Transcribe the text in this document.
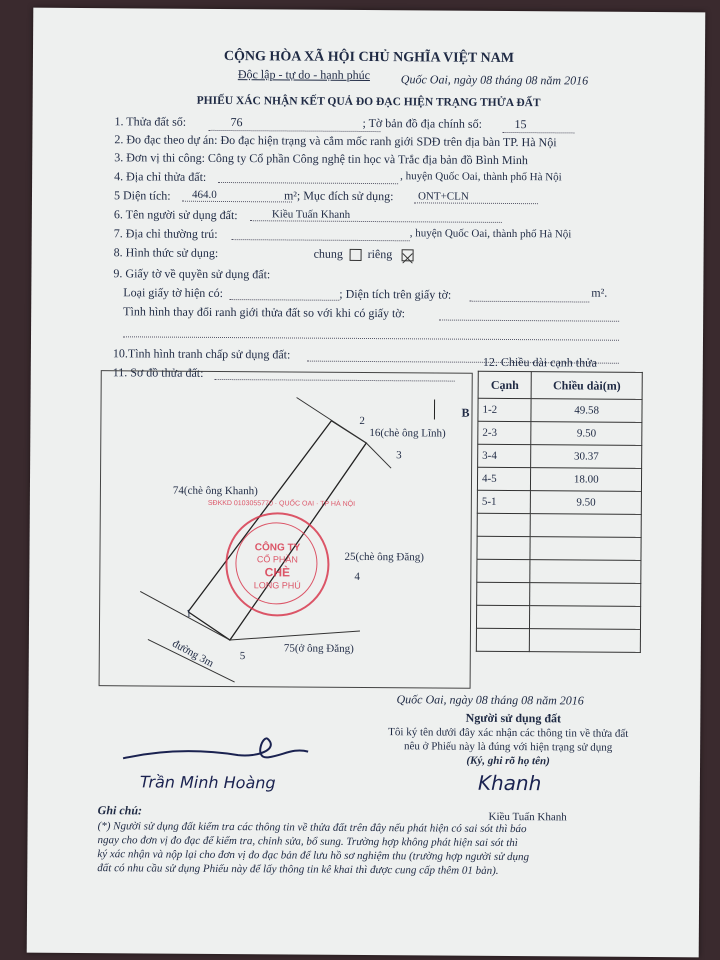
CỘNG HÒA XÃ HỘI CHỦ NGHĨA VIỆT NAM
Độc lập - tự do - hạnh phúc	Quốc Oai, ngày 08 tháng 08 năm 2016
PHIẾU XÁC NHẬN KẾT QUẢ ĐO ĐẠC HIỆN TRẠNG THỬA ĐẤT
1. Thửa đất số:	76	; Tờ bản đồ địa chính số:	15
2. Đo đạc theo dự án: Đo đạc hiện trạng và cắm mốc ranh giới SDĐ trên địa bàn TP. Hà Nội
3. Đơn vị thi công: Công ty Cổ phần Công nghệ tin học và Trắc địa bản đồ Bình Minh
4. Địa chỉ thửa đất:	, huyện Quốc Oai, thành phố Hà Nội
5 Diện tích:	464.0	m²; Mục đích sử dụng:	ONT+CLN
6. Tên người sử dụng đất:	Kiều Tuấn Khanh
7. Địa chỉ thường trú:	, huyện Quốc Oai, thành phố Hà Nội
8. Hình thức sử dụng:	chung riêng
9. Giấy tờ về quyền sử dụng đất:
Loại giấy tờ hiện có:	; Diện tích trên giấy tờ:	m².
Tình hình thay đổi ranh giới thửa đất so với khi có giấy tờ:
10.Tình hình tranh chấp sử dụng đất:
11. Sơ đồ thửa đất:
12. Chiều dài cạnh thửa
B
2
3
1
5
4
16(chè ông Lĩnh)
74(chè ông Khanh)
25(chè ông Đăng)
75(ở ông Đăng)
đường 3m
CÔNG TY
CỔ PHẦN
CHÈ
LONG PHÚ
SĐKKD 0103055770 · QUỐC OAI · TP HÀ NỘI
Cạnh	Chiều dài(m)
1-2	49.58
2-3	9.50
3-4	30.37
4-5	18.00
5-1	9.50

Quốc Oai, ngày 08 tháng 08 năm 2016
Người sử dụng đất
Tôi ký tên dưới đây xác nhận các thông tin về thửa đất
nêu ở Phiếu này là đúng với hiện trạng sử dụng
(Ký, ghi rõ họ tên)
Trần Minh Hoàng	Khanh
Kiều Tuấn Khanh
Ghi chú:
(*) Người sử dụng đất kiểm tra các thông tin về thửa đất trên đây nếu phát hiện có sai sót thì báo
ngay cho đơn vị đo đạc để kiểm tra, chỉnh sửa, bổ sung. Trường hợp không phát hiện sai sót thì
ký xác nhận và nộp lại cho đơn vị đo đạc bản để lưu hồ sơ nghiệm thu (trường hợp người sử dụng
đất có nhu cầu sử dụng Phiếu này để lấy thông tin kê khai thì được cung cấp thêm 01 bản).
